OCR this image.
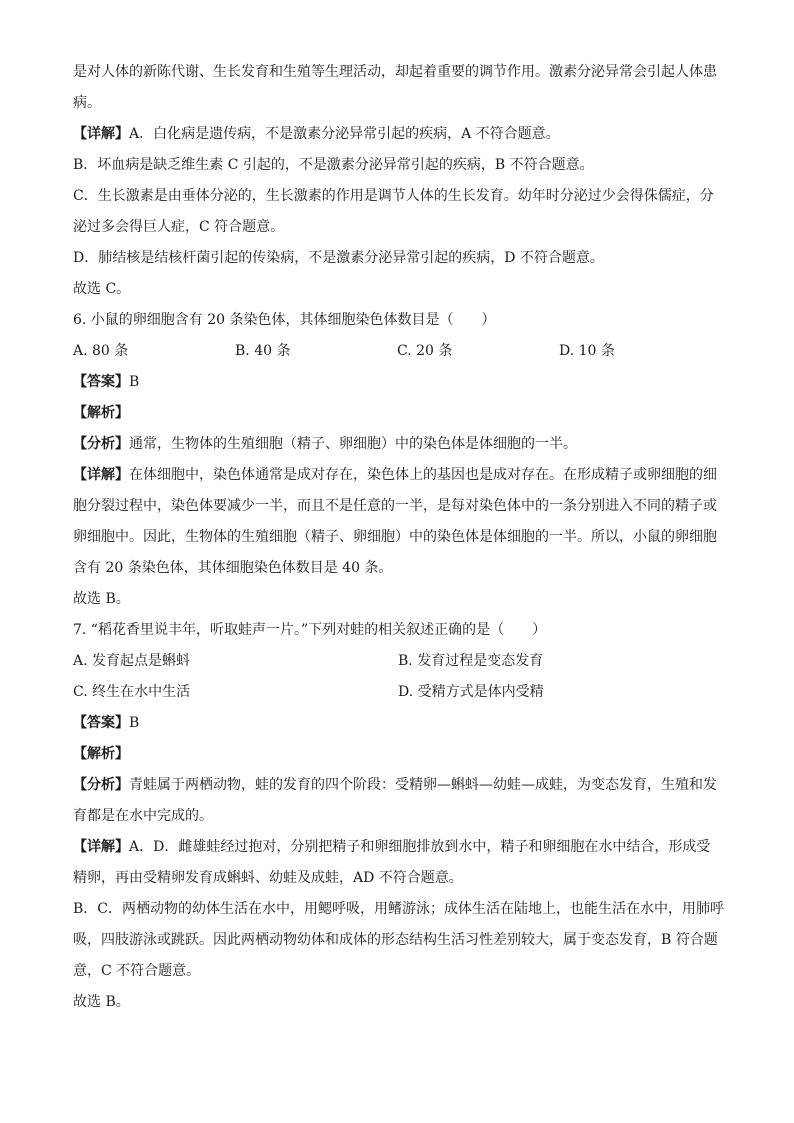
是对人体的新陈代谢、生长发育和生殖等生理活动，却起着重要的调节作用。激素分泌异常会引起人体患

病。

【详解】A．白化病是遗传病，不是激素分泌异常引起的疾病，A 不符合题意。

B．坏血病是缺乏维生素 C 引起的，不是激素分泌异常引起的疾病，B 不符合题意。

C．生长激素是由垂体分泌的，生长激素的作用是调节人体的生长发育。幼年时分泌过少会得侏儒症，分

泌过多会得巨人症，C 符合题意。

D．肺结核是结核杆菌引起的传染病，不是激素分泌异常引起的疾病，D 不符合题意。

故选 C。

6. 小鼠的卵细胞含有 20 条染色体，其体细胞染色体数目是（　　）

A. 80 条	B. 40 条	C. 20 条	D. 10 条

【答案】B

【解析】

【分析】通常，生物体的生殖细胞（精子、卵细胞）中的染色体是体细胞的一半。

【详解】在体细胞中，染色体通常是成对存在，染色体上的基因也是成对存在。在形成精子或卵细胞的细

胞分裂过程中，染色体要减少一半，而且不是任意的一半，是每对染色体中的一条分别进入不同的精子或

卵细胞中。因此，生物体的生殖细胞（精子、卵细胞）中的染色体是体细胞的一半。所以，小鼠的卵细胞

含有 20 条染色体，其体细胞染色体数目是 40 条。

故选 B。

7. “稻花香里说丰年，听取蛙声一片。”下列对蛙的相关叙述正确的是（　　）

A. 发育起点是蝌蚪	B. 发育过程是变态发育
C. 终生在水中生活	D. 受精方式是体内受精

【答案】B

【解析】

【分析】青蛙属于两栖动物，蛙的发育的四个阶段：受精卵—蝌蚪—幼蛙—成蛙，为变态发育，生殖和发

育都是在水中完成的。

【详解】A．D．雌雄蛙经过抱对，分别把精子和卵细胞排放到水中，精子和卵细胞在水中结合，形成受

精卵，再由受精卵发育成蝌蚪、幼蛙及成蛙，AD 不符合题意。

B．C．两栖动物的幼体生活在水中，用鳃呼吸，用鳍游泳；成体生活在陆地上，也能生活在水中，用肺呼

吸，四肢游泳或跳跃。因此两栖动物幼体和成体的形态结构生活习性差别较大，属于变态发育，B 符合题

意，C 不符合题意。

故选 B。
